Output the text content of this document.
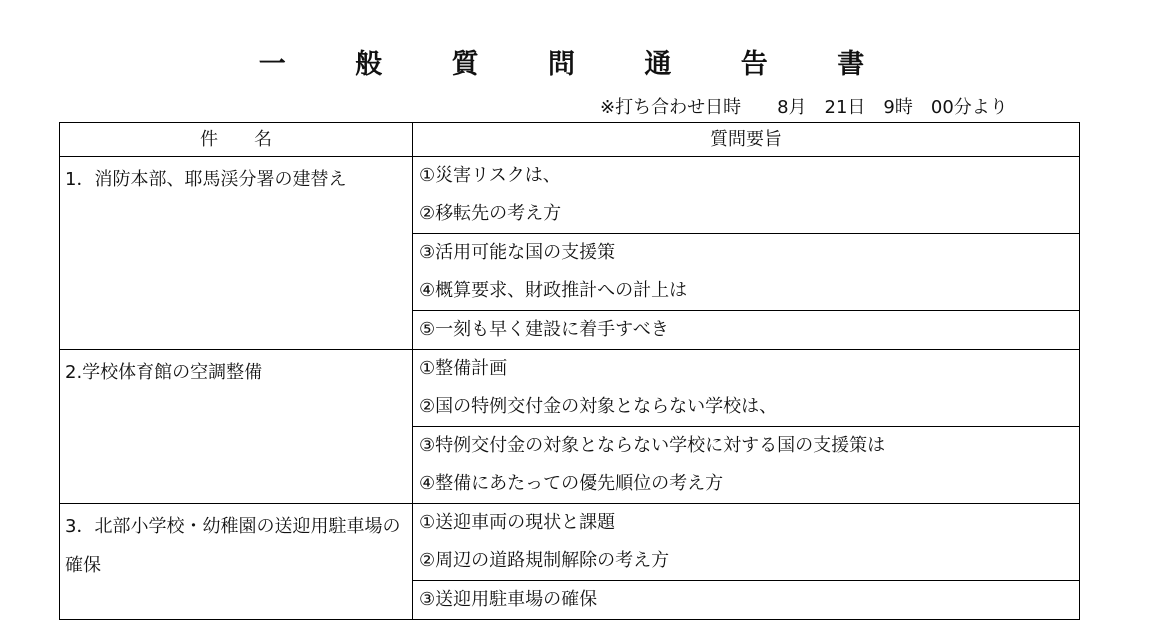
一 般 質 問 通 告 書
※打ち合わせ日時　　8月　21日　9時　00分より
件　　名	質問要旨
1．消防本部、耶馬渓分署の建替え	①災害リスクは、
②移転先の考え方

	③活用可能な国の支援策
④概算要求、財政推計への計上は

	⑤一刻も早く建設に着手すべき

2.学校体育館の空調整備	①整備計画
②国の特例交付金の対象とならない学校は、

	③特例交付金の対象とならない学校に対する国の支援策は
④整備にあたっての優先順位の考え方

3．北部小学校・幼稚園の送迎用駐車場の確保	①送迎車両の現状と課題
②周辺の道路規制解除の考え方

	③送迎用駐車場の確保
